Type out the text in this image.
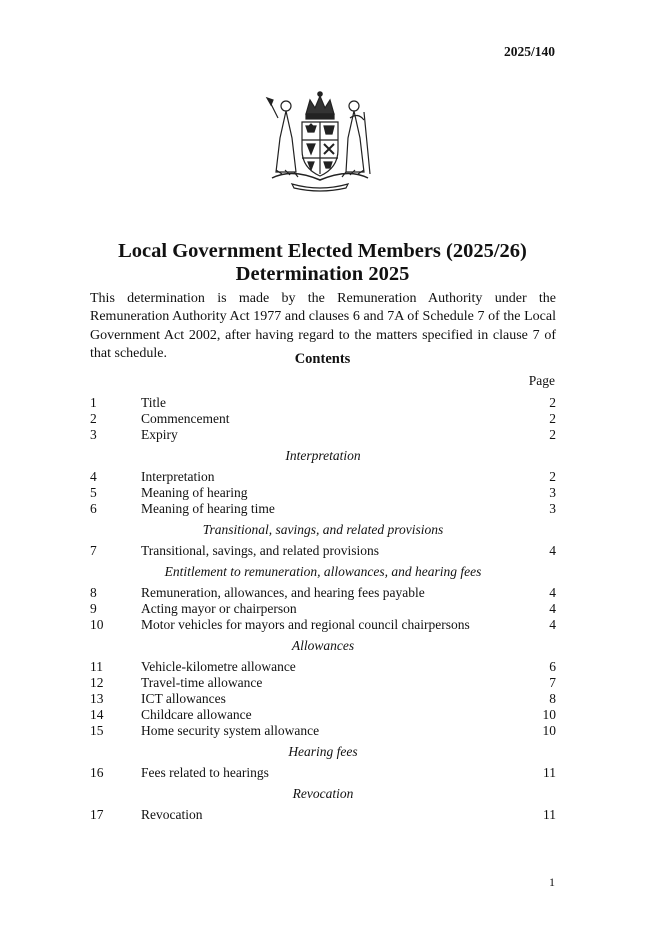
2025/140
Local Government Elected Members (2025/26)
Determination 2025
This determination is made by the Remuneration Authority under the Remuneration Authority Act 1977 and clauses 6 and 7A of Schedule 7 of the Local Government Act 2002, after having regard to the matters specified in clause 7 of that schedule.	Contents
Page
1	Title	2
2	Commencement	2
3	Expiry	2
Interpretation
4	Interpretation	2
5	Meaning of hearing	3
6	Meaning of hearing time	3
Transitional, savings, and related provisions
7	Transitional, savings, and related provisions	4
Entitlement to remuneration, allowances, and hearing fees
8	Remuneration, allowances, and hearing fees payable	4
9	Acting mayor or chairperson	4
10	Motor vehicles for mayors and regional council chairpersons	4
Allowances
11	Vehicle-kilometre allowance	6
12	Travel-time allowance	7
13	ICT allowances	8
14	Childcare allowance	10
15	Home security system allowance	10
Hearing fees
16	Fees related to hearings	11
Revocation
17	Revocation	11
1
